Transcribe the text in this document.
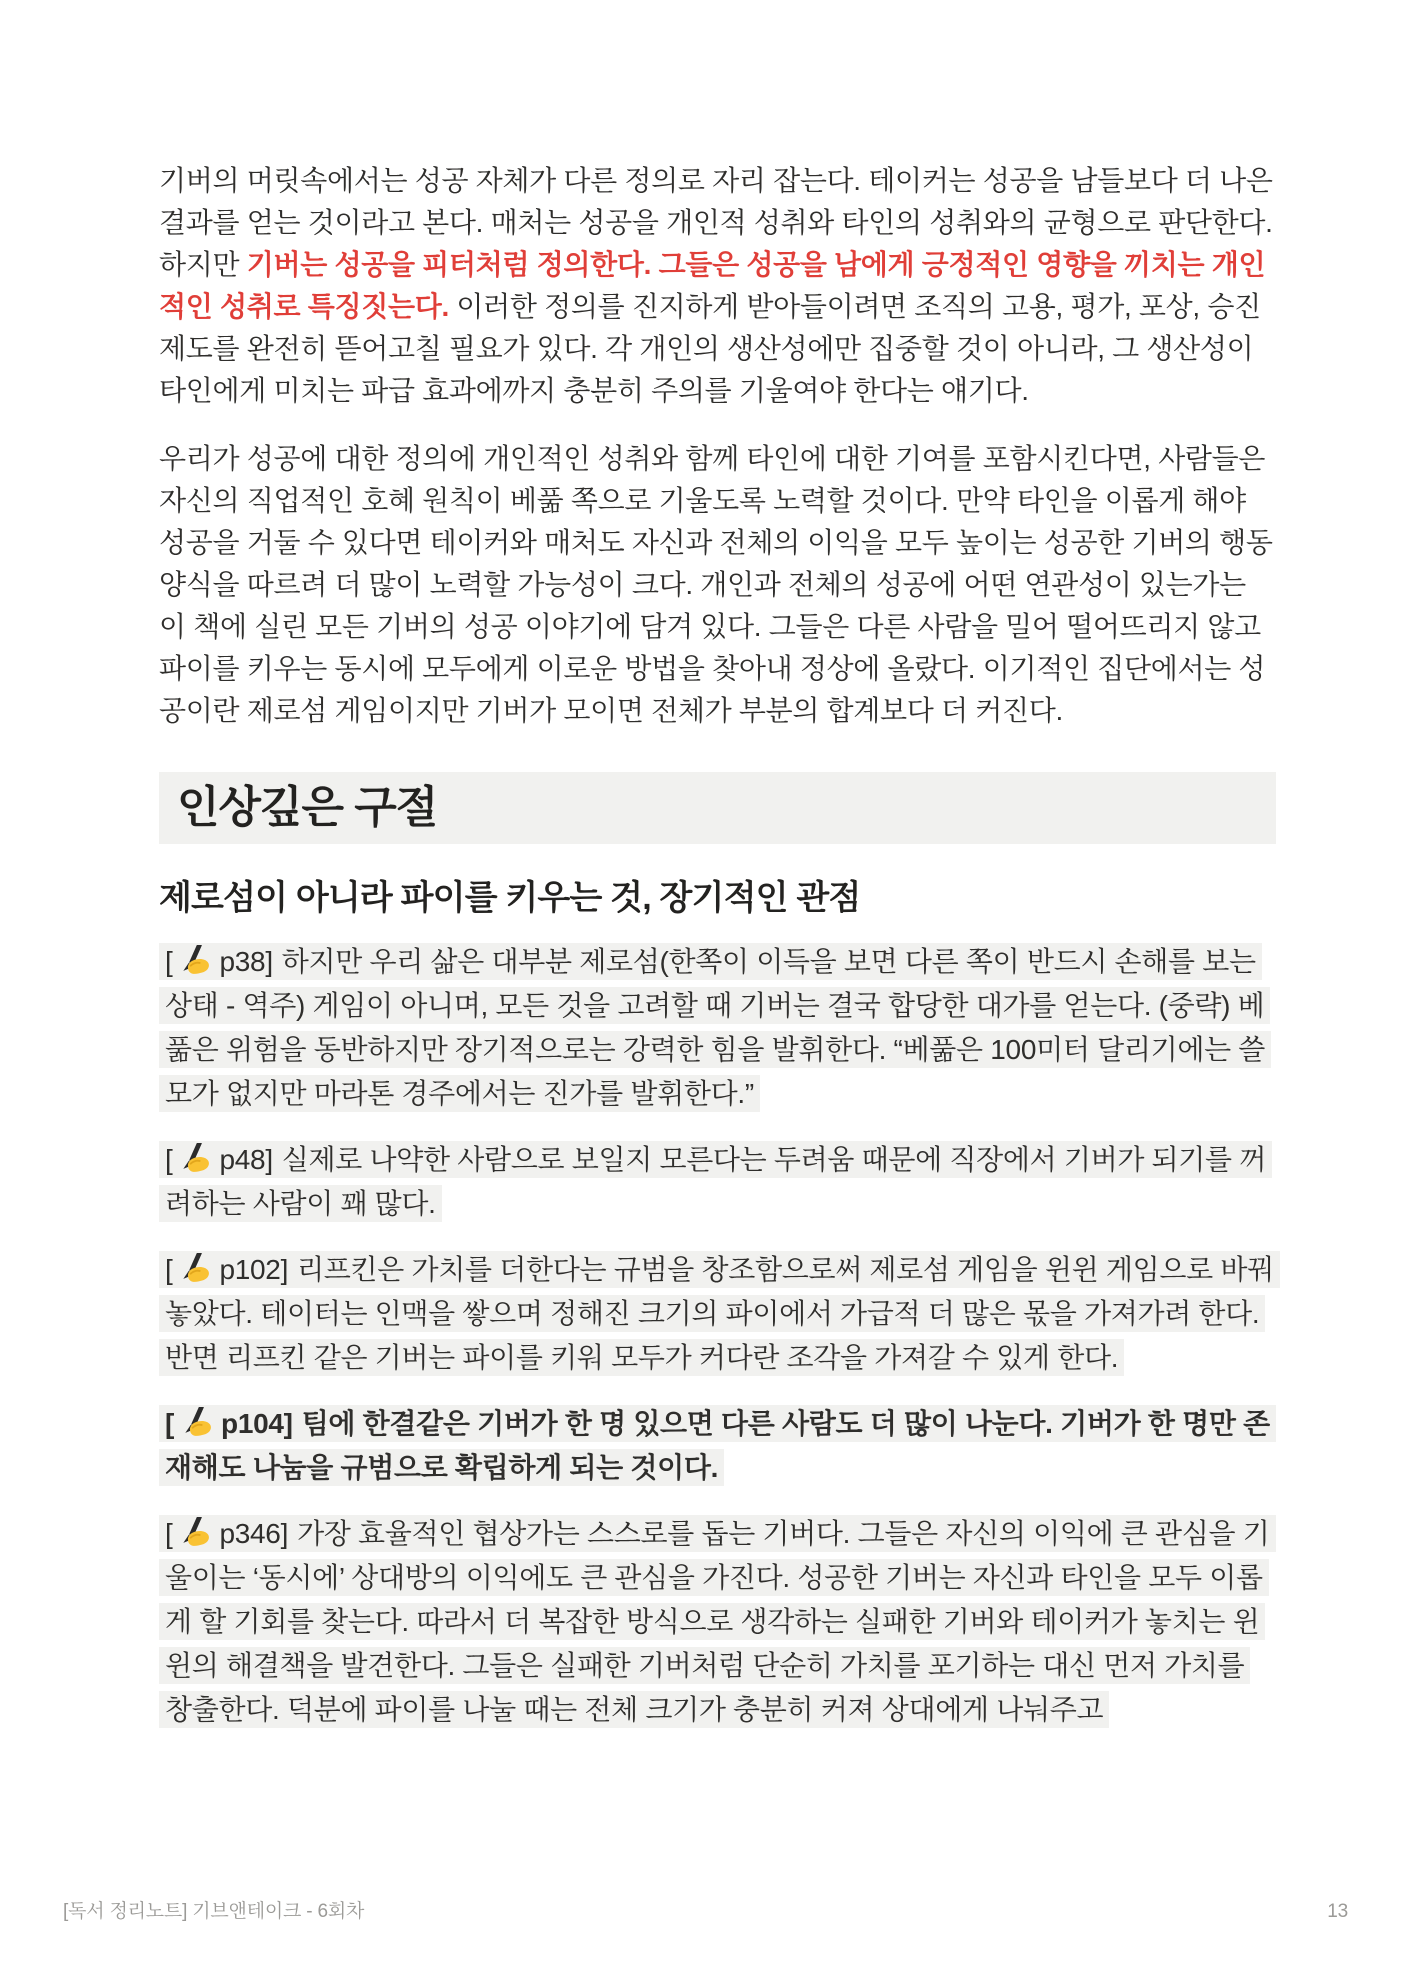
기버의 머릿속에서는 성공 자체가 다른 정의로 자리 잡는다. 테이커는 성공을 남들보다 더 나은 결과를 얻는 것이라고 본다. 매처는 성공을 개인적 성취와 타인의 성취와의 균형으로 판단한다. 하지만 기버는 성공을 피터처럼 정의한다. 그들은 성공을 남에게 긍정적인 영향을 끼치는 개인적인 성취로 특징짓는다. 이러한 정의를 진지하게 받아들이려면 조직의 고용, 평가, 포상, 승진 제도를 완전히 뜯어고칠 필요가 있다. 각 개인의 생산성에만 집중할 것이 아니라, 그 생산성이 타인에게 미치는 파급 효과에까지 충분히 주의를 기울여야 한다는 얘기다.

우리가 성공에 대한 정의에 개인적인 성취와 함께 타인에 대한 기여를 포함시킨다면, 사람들은 자신의 직업적인 호혜 원칙이 베풂 쪽으로 기울도록 노력할 것이다. 만약 타인을 이롭게 해야 성공을 거둘 수 있다면 테이커와 매처도 자신과 전체의 이익을 모두 높이는 성공한 기버의 행동양식을 따르려 더 많이 노력할 가능성이 크다. 개인과 전체의 성공에 어떤 연관성이 있는가는 이 책에 실린 모든 기버의 성공 이야기에 담겨 있다. 그들은 다른 사람을 밀어 떨어뜨리지 않고 파이를 키우는 동시에 모두에게 이로운 방법을 찾아내 정상에 올랐다. 이기적인 집단에서는 성공이란 제로섬 게임이지만 기버가 모이면 전체가 부분의 합계보다 더 커진다.

인상깊은 구절
제로섬이 아니라 파이를 키우는 것, 장기적인 관점

[ p38] 하지만 우리 삶은 대부분 제로섬(한쪽이 이득을 보면 다른 쪽이 반드시 손해를 보는 상태 - 역주) 게임이 아니며, 모든 것을 고려할 때 기버는 결국 합당한 대가를 얻는다. (중략) 베풂은 위험을 동반하지만 장기적으로는 강력한 힘을 발휘한다. “베풂은 100미터 달리기에는 쓸모가 없지만 마라톤 경주에서는 진가를 발휘한다.”

[ p48] 실제로 나약한 사람으로 보일지 모른다는 두려움 때문에 직장에서 기버가 되기를 꺼려하는 사람이 꽤 많다.

[ p102] 리프킨은 가치를 더한다는 규범을 창조함으로써 제로섬 게임을 윈윈 게임으로 바꿔놓았다. 테이터는 인맥을 쌓으며 정해진 크기의 파이에서 가급적 더 많은 몫을 가져가려 한다. 반면 리프킨 같은 기버는 파이를 키워 모두가 커다란 조각을 가져갈 수 있게 한다.

[ p104] 팀에 한결같은 기버가 한 명 있으면 다른 사람도 더 많이 나눈다. 기버가 한 명만 존재해도 나눔을 규범으로 확립하게 되는 것이다.

[ p346] 가장 효율적인 협상가는 스스로를 돕는 기버다. 그들은 자신의 이익에 큰 관심을 기울이는 ‘동시에’ 상대방의 이익에도 큰 관심을 가진다. 성공한 기버는 자신과 타인을 모두 이롭게 할 기회를 찾는다. 따라서 더 복잡한 방식으로 생각하는 실패한 기버와 테이커가 놓치는 윈윈의 해결책을 발견한다. 그들은 실패한 기버처럼 단순히 가치를 포기하는 대신 먼저 가치를 창출한다. 덕분에 파이를 나눌 때는 전체 크기가 충분히 커져 상대에게 나눠주고

[독서 정리노트] 기브앤테이크 - 6회차	13
